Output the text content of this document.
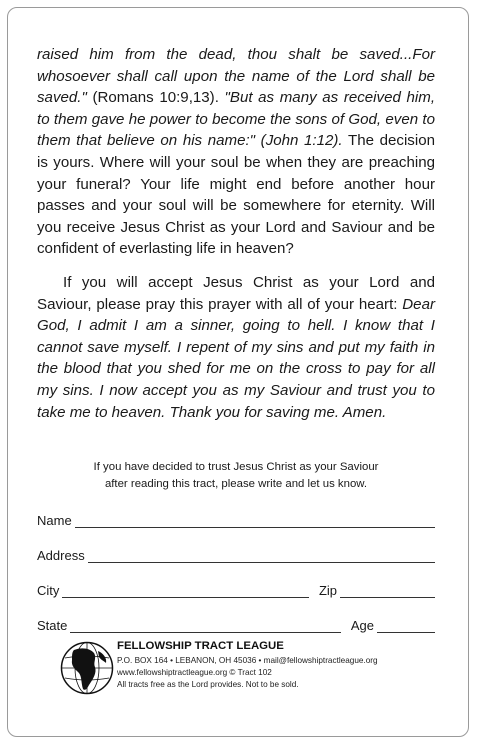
raised him from the dead, thou shalt be saved...For whosoever shall call upon the name of the Lord shall be saved." (Romans 10:9,13). "But as many as received him, to them gave he power to become the sons of God, even to them that believe on his name:" (John 1:12). The decision is yours. Where will your soul be when they are preaching your funeral? Your life might end before another hour passes and your soul will be somewhere for eternity. Will you receive Jesus Christ as your Lord and Saviour and be confident of everlasting life in heaven?

If you will accept Jesus Christ as your Lord and Saviour, please pray this prayer with all of your heart: Dear God, I admit I am a sinner, going to hell. I know that I cannot save myself. I repent of my sins and put my faith in the blood that you shed for me on the cross to pay for all my sins. I now accept you as my Saviour and trust you to take me to heaven. Thank you for saving me. Amen.

If you have decided to trust Jesus Christ as your Saviour
after reading this tract, please write and let us know.
Name
Address
City	Zip
State	Age
FELLOWSHIP TRACT LEAGUE
P.O. BOX 164 • LEBANON, OH 45036 • mail@fellowshiptractleague.org
www.fellowshiptractleague.org © Tract 102
All tracts free as the Lord provides. Not to be sold.
